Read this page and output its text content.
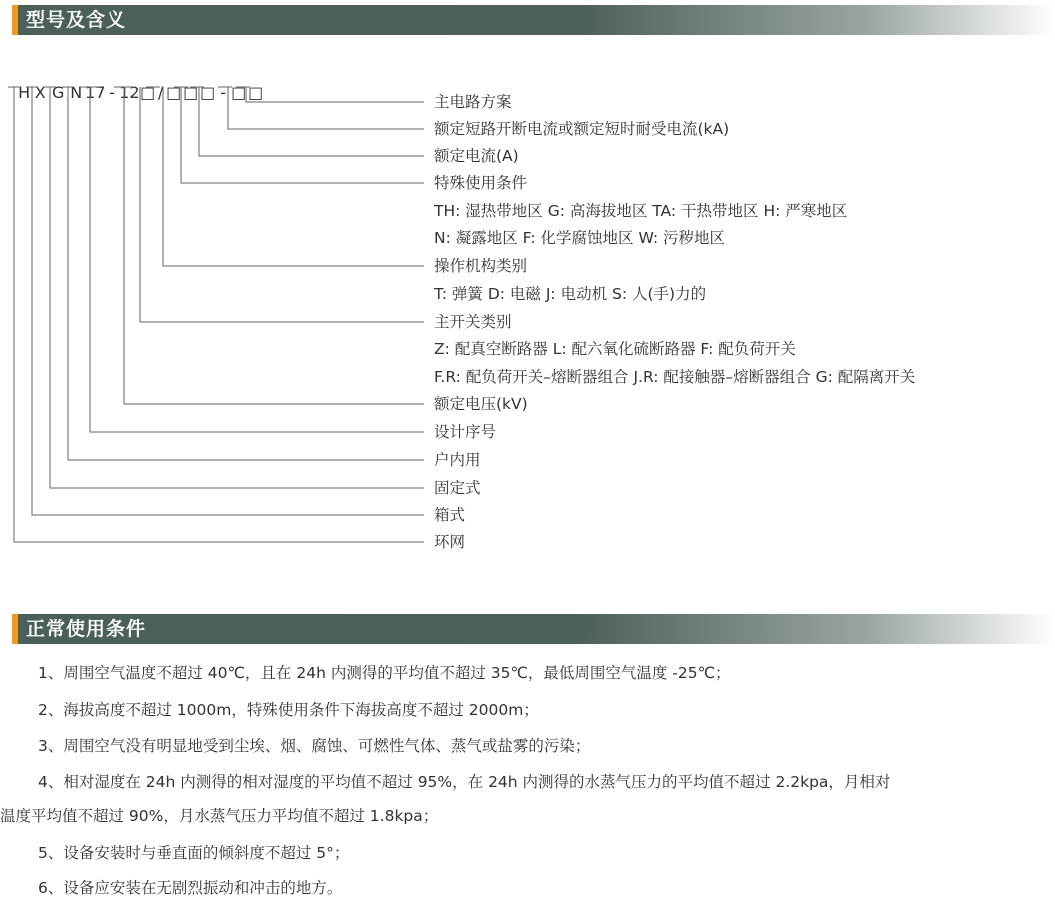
型号及含义

H X G N 17 - 12□ / □ □ □ - □ □	主电路方案
额定短路开断电流或额定短时耐受电流(kA)
额定电流(A)
特殊使用条件
TH: 湿热带地区 G: 高海拔地区 TA: 干热带地区 H: 严寒地区
N: 凝露地区 F: 化学腐蚀地区 W: 污秽地区
操作机构类别
T: 弹簧 D: 电磁 J: 电动机 S: 人(手)力的
主开关类别
Z: 配真空断路器 L: 配六氧化硫断路器 F: 配负荷开关
F.R: 配负荷开关–熔断器组合 J.R: 配接触器–熔断器组合 G: 配隔离开关
额定电压(kV)
设计序号
户内用
固定式
箱式
环网
正常使用条件
1、周围空气温度不超过 40℃，且在 24h 内测得的平均值不超过 35℃，最低周围空气温度 -25℃；
2、海拔高度不超过 1000m，特殊使用条件下海拔高度不超过 2000m；
3、周围空气没有明显地受到尘埃、烟、腐蚀、可燃性气体、蒸气或盐雾的污染；
4、相对湿度在 24h 内测得的相对湿度的平均值不超过 95%，在 24h 内测得的水蒸气压力的平均值不超过 2.2kpa，月相对
温度平均值不超过 90%，月水蒸气压力平均值不超过 1.8kpa；
5、设备安装时与垂直面的倾斜度不超过 5°；
6、设备应安装在无剧烈振动和冲击的地方。
